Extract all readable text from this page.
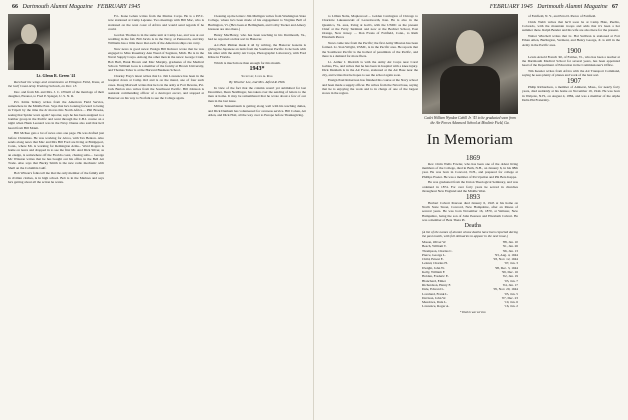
66 Dartmouth Alumni Magazine FEBRUARY 1945

Lt. Glenn R. Green '41

Received his wings and commission at Ellington Field, Texas, at the Gulf Coast Army Training Schools, on Dec. 13.

Dec. and from Mr. and Mrs. J. C. O'Neill of the marriage of their daughter, Eleanor, to Fred P. Spiegel, U. S. N. R.

Pvt. Kittie Tellery writes from the American Field Service, somewhere in the Middle East. Says that he's looking forward to being in Tripoli by the time the dr moves this North Africa.... Phil Brooks, seeing that Spider worn again? reporter, says he has been assigned to a bomber group in the Pacific and went through the C.B.I. course on a night when Hank Leonard was in the Navy. Duane also said that he'd heard from Bill Mokit.

Bill McKee gets a lot of news onto one page. He was drafted just before Christmas. He was working for Alcoa, with Tex Benton. Also sends along news that Mac and Mrs Bill Ford are living at Bridgeport, Conn., where Mr. is working for Remington Arms... Ward Rogers is home on leave and dropped in to see the first Mr. And Dick Silver, as an ensign, is somewhere off the Florida coast, chasing subs.... George Mc Winston writes that he has bought out his office in the Bell Art Trade. Also says that Bucky Smith is the new radio mechanic with Shell on the Columbia Gulf.

Bob Wilson's folks tell me that the only member of the family still in civilian clothes, is in high school. Bob is in the Marines and says he's getting about all the action he wants.

F.L. Kane Lehan writes from the Marine Corps. He is a P.F.C. now stationed at Camp Lejeune. Two meetings with Bill Mac, who is stationed on the west coast of Africa and would send regards if he could.

Gordon Thomas is in the same unit at Camp Lee, and was at our wedding in the fall. Bill Jarvis is in the Navy, at Pensacola, and Ray Williams has a little more that each of the American ships can carry.

New news is good news: Ensign Bill Rohwer wrote that he was engaged to Miss Rosemary Ann Weed of Saginaw, Mich. He is in the Naval Supply Corps. Among the other men in the news: George Cram, Bob Bull, Hank Brown and Mac Murphy, graduates of the Medical School. William Goss is a member of the faculty at Brown University, and Thomas Tabor is at the Harvard Business School.

Charley Frey's latest writes that Lt. Jim Lawrence has been in the hospital down at Camp Ord and is on the mend, one of four such cases. Doug Maxwell writes that he is in the army at Fort Devens, Pvt. Jack Barton also writes from the Southwest Pacific. Bill Johnson is assistant commanding officer of a destroyer escort, and stopped at Hanover on his way to Norfolk to see the College again.

Cleaning up the letters: Jim Mulligan writes from Washington State College, where he's been made of his engagement to Virginia Bell of Burlington, Vt. (He's been at Bellingham, and Colby Tucker and Amory Gleason are also there.)

Henry MacHenry, who has been teaching in his Dartmouth, Va., had no reported on that sort in Hanover.

A.C.Bob Pitman made it all by writing, the Hanover Gazette is giving the Japanese an item from the Southwest Pacific. Is he back with his other with the Army Air Corps, Photographic Laboratory, with Fred Kline in Florida.

Which is much more than enough for this month.

1943*

Secretary, Louis A. Ross

By Wheeler Lee, 2nd Mrs. Alfred R. Hills

In view of the fact that the column wasn't yet submitted for last December, Dean Neidlinger, has taken over the sending of letters to the men at home. It may be remembered that he wrote about a few of our men in the last issue.

Milton Tennenbaum is getting along well with his teaching duties, and Dick Dunham has volunteered for overseas service. Bill Cohen, Art Allen, and Dick Holt, all the way over to Europe before Thanksgiving.

FEBRUARY 1945 Dartmouth Alumni Magazine 67

to Lillian Nelte, Maplewood ... Golden Carrington of Chicago to Charlotte Lukaszewski of Leavenworth, Kan. He is also in the Quantico, Va. area, living at Galt's, with the USMC as the present Chief at the Ferry Terminal and now at the Bechtel School, East Orange, New Jersey. ... Don Evans of Fairfield, Conn., to Ruth Elizabeth Pierce

News came late from the Pacific; the first Army Mission has been formed. Lt. Stan Wright, USMC, is in the Pacific area. He reports that the Southwest Pacific is the hotbed of pessimists of the Pacific, and there is a demand for more fliers.

Lt. Arthur J. Dietrich is with the Army Air Corps near Coral Gables, Fla., and writes that he has been in hospital with a knee injury. Dick Dunham is in the Air Force, stationed at the Air Base near the city, and writes that he hopes to see the school again soon.

Ensign Paul Robertson has finished his course at the Navy school and been made a supply officer. He writes from the Naval base, saying that he is enjoying the work and is in charge of one of the largest stores in the region.

Cadet William Wyndon Cahill Jr. '43 to be graduated soon from the Air Forces Advanced School at Moultrie Field, Ga.
In Memoriam

1869

Rev. Orrin Wells Fowler, who has been one of the oldest living members of the College, died in Bath, N.H., on January 6, in his 98th year. He was born in Concord, N.H., and prepared for college at Phillips Exeter. He was a member of Psi Upsilon and Phi Beta Kappa.

He was graduated from the Union Theological Seminary, and was ordained in 1874. For over forty years he served in churches throughout New England and the Middle West.

1893

Herbert Calvert Pearson died January 6, 1945 at his home on North State Street, Concord, New Hampshire, after an illness of several years. He was born November 16, 1870, at Webster, New Hampshire, being the son of John Pearson and Elizabeth Calvert. He was a member of Beta Theta Pi.

Deaths

(A list of the names of alumni whose deaths have been reported during the past month, with full obituaries to appear in the next issue.)

Mason, Oliver W.	'88, Jan. 10
Beach, William T.	'91, Jan. 26
Thompson, Charles C.	'96, Jan. 13
Pierce, George L.	'93, Aug. 4, 1944
Child, Ernest E.	'93, Nov. 12, 1944
Leland, Charles H.	'97, Jan. 3
Dwight, John W.	'98, Dec. 3, 1944
Kelly, William F.	'99, Dec. 16
Holden, Frederic E.	'02, Jan. 19
Blanchard, Elmer	'03, Jan. 7
Richardson, Henry F.	'04, Jan. 17
Dale, Edward L.	'05, Nov. 20, 1944
Loveland, Frank L.	'05, Jan. 5
Davison, John W.	'07, Dec. 23
Meadows, Dale L.	'10, Jan. 6
Lawrence, Roger A.	'16, Jan. 2

* Died in war service.

of Fairfield, N. Y., and Ezra D. Pierce of Fairfield.

Chick Webb writes that he'll soon be at Camp Hale, Pueblo, Colorado, with the mountain troops and adds that it's been a hot summer there. Ralph Bender and his wife are also there for the present.

Walter Winchell writes that Lt. Hal Sullivan is stationed at Fort Ethan Allen, Burlington, Vermont, and Henry George, Jr. is still in the Army in the Pacific area.

1900

Lewis Arnold French '40, of Fairlee, Vt., who has been a teacher at the Dartmouth Medical School for several years, has been appointed head of the Department of Education in the Commissioner's Office.

Tim Kessler writes from Africa with the Air Transport Command, saying he sees plenty of planes and work of the best sort.

1907

Philip Richardson, a member of Amherst, Mass., for nearly forty years, died suddenly at his home on November 19, 1944. He was born in Walpole, N.H., on August 4, 1884, and was a member of the Alpha Delta Phi Fraternity.
